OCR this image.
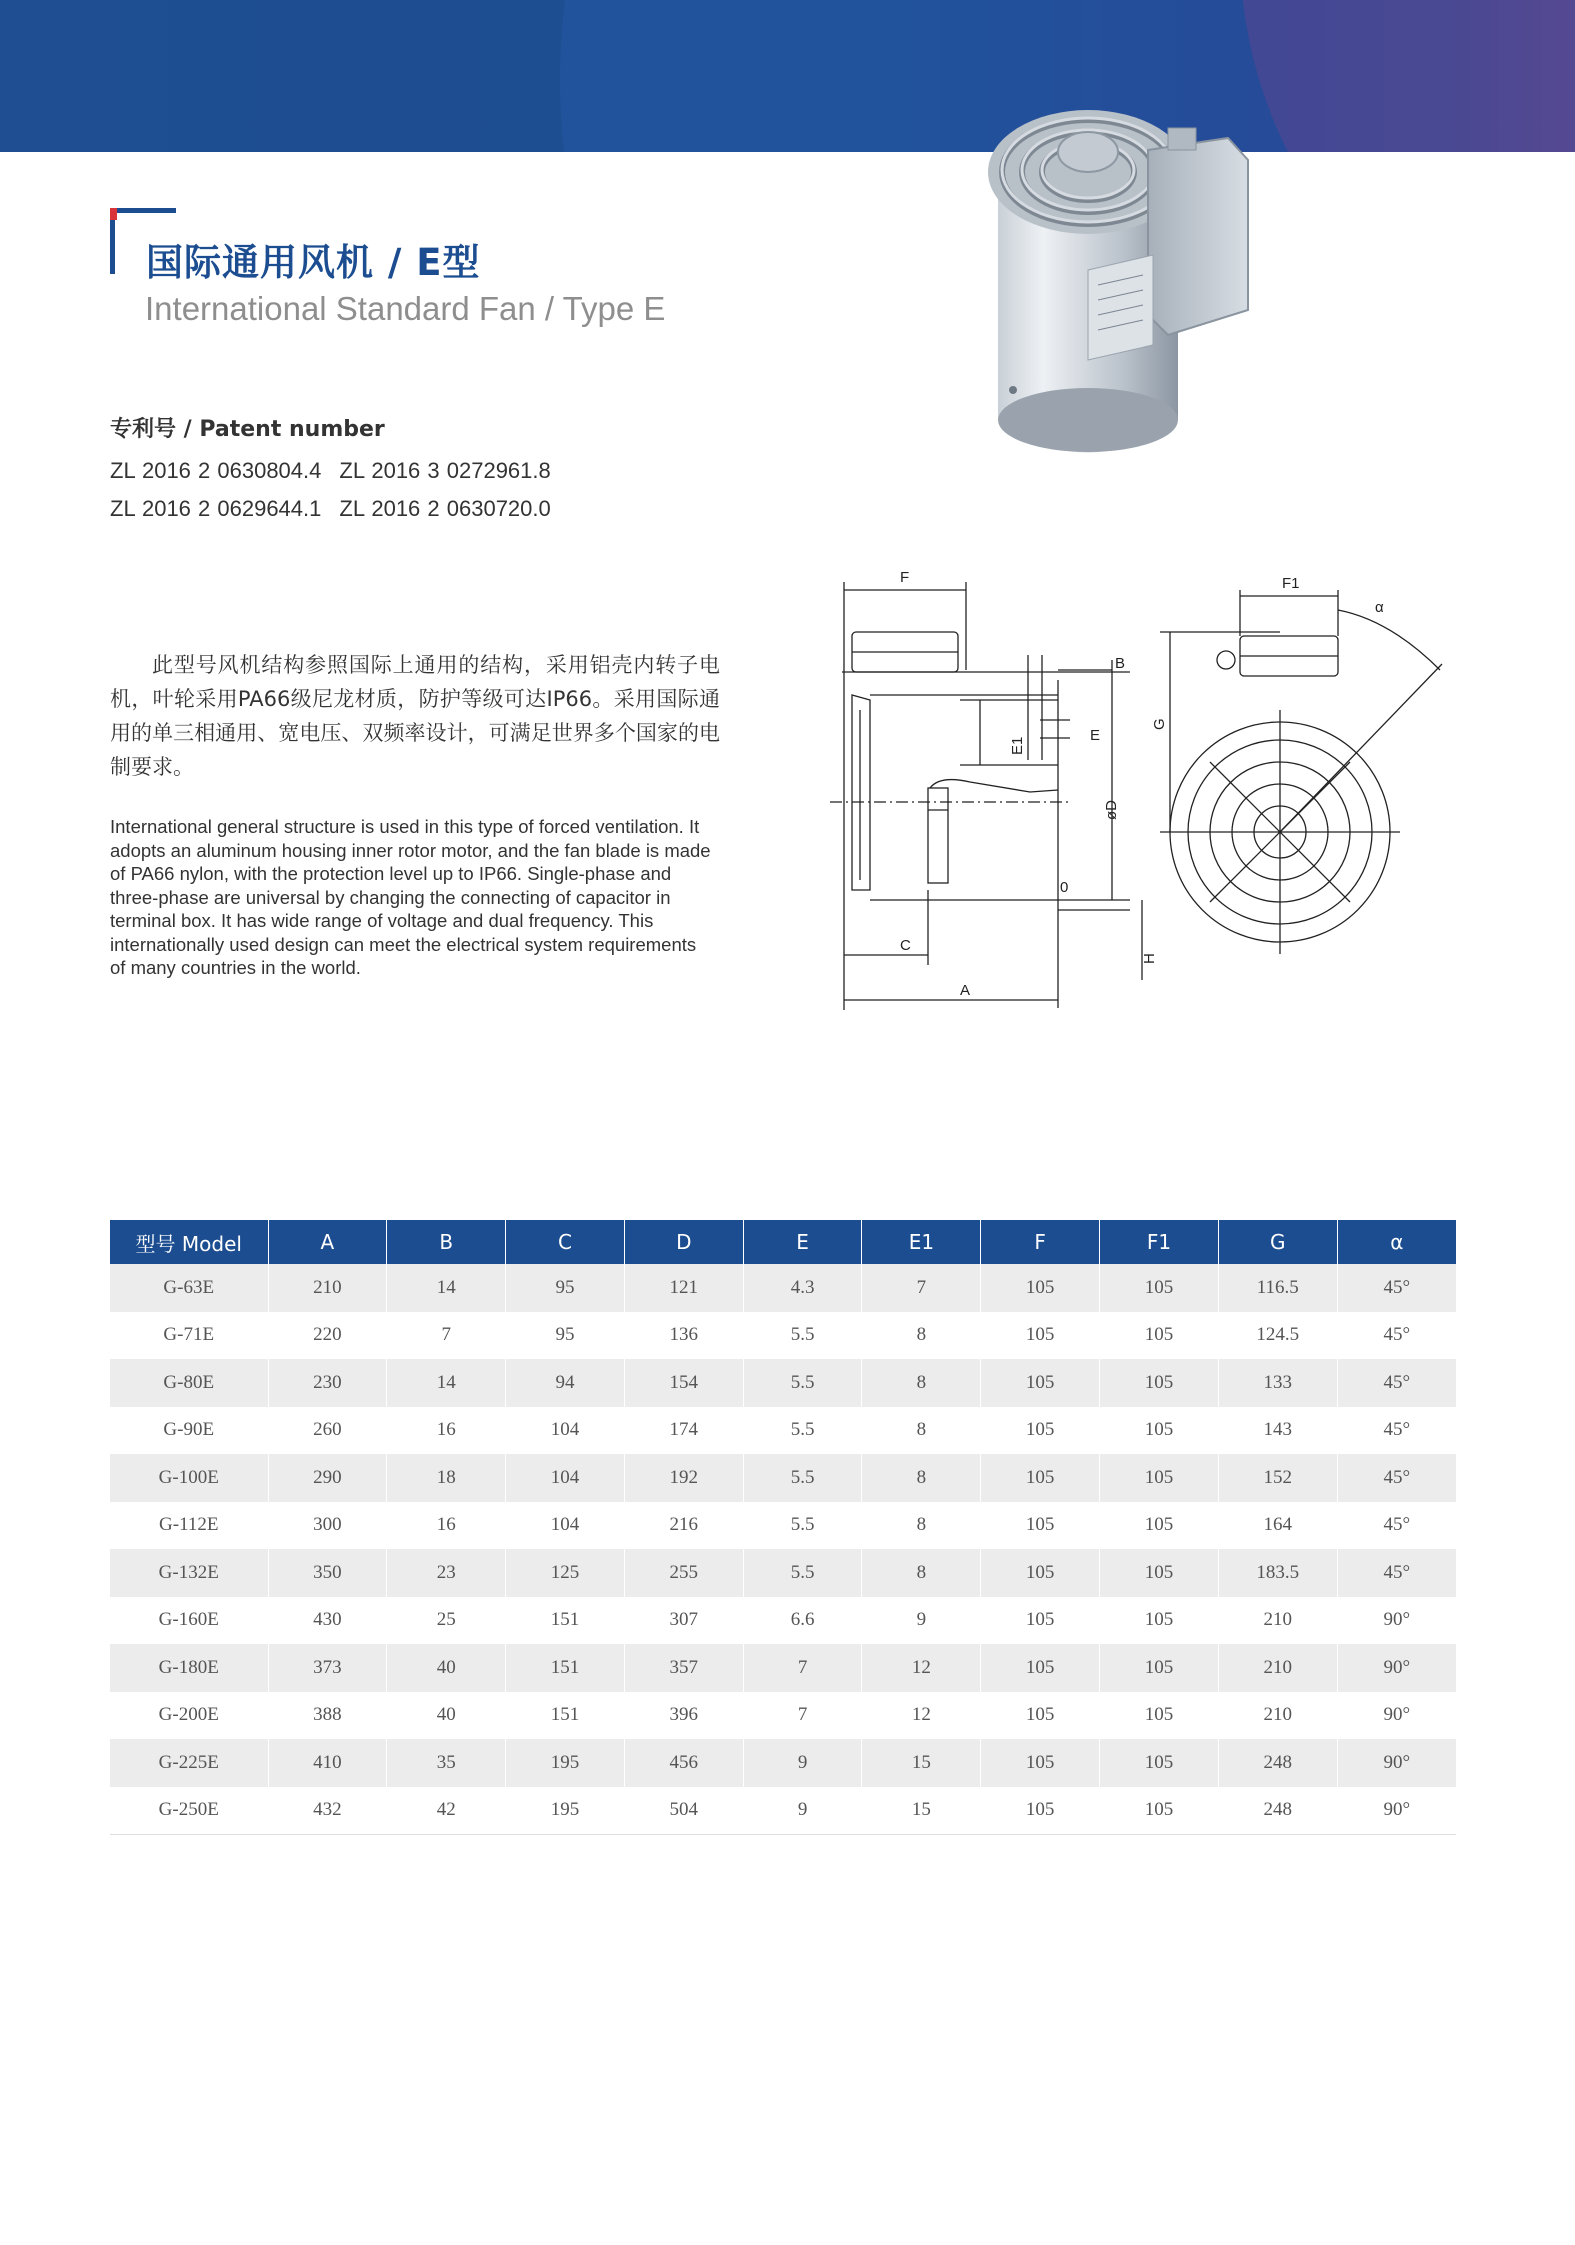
国际通用风机 / E型
International Standard Fan / Type E
专利号 / Patent number
ZL 2016 2 0630804.4 ZL 2016 3 0272961.8
ZL 2016 2 0629644.1 ZL 2016 2 0630720.0
此型号风机结构参照国际上通用的结构，采用铝壳内转子电机，叶轮采用PA66级尼龙材质，防护等级可达IP66。采用国际通用的单三相通用、宽电压、双频率设计，可满足世界多个国家的电制要求。
International general structure is used in this type of forced ventilation. It adopts an aluminum housing inner rotor motor, and the fan blade is made of PA66 nylon, with the protection level up to IP66. Single-phase and three-phase are universal by changing the connecting of capacitor in terminal box. It has wide range of voltage and dual frequency. This internationally used design can meet the electrical system requirements of many countries in the world.
F
B
E
E1
øD
0
C
A
H
F1
G
α
型号 Model	A	B	C	D	E	E1	F	F1	G	α
G-63E	210	14	95	121	4.3	7	105	105	116.5	45°
G-71E	220	7	95	136	5.5	8	105	105	124.5	45°
G-80E	230	14	94	154	5.5	8	105	105	133	45°
G-90E	260	16	104	174	5.5	8	105	105	143	45°
G-100E	290	18	104	192	5.5	8	105	105	152	45°
G-112E	300	16	104	216	5.5	8	105	105	164	45°
G-132E	350	23	125	255	5.5	8	105	105	183.5	45°
G-160E	430	25	151	307	6.6	9	105	105	210	90°
G-180E	373	40	151	357	7	12	105	105	210	90°
G-200E	388	40	151	396	7	12	105	105	210	90°
G-225E	410	35	195	456	9	15	105	105	248	90°
G-250E	432	42	195	504	9	15	105	105	248	90°
